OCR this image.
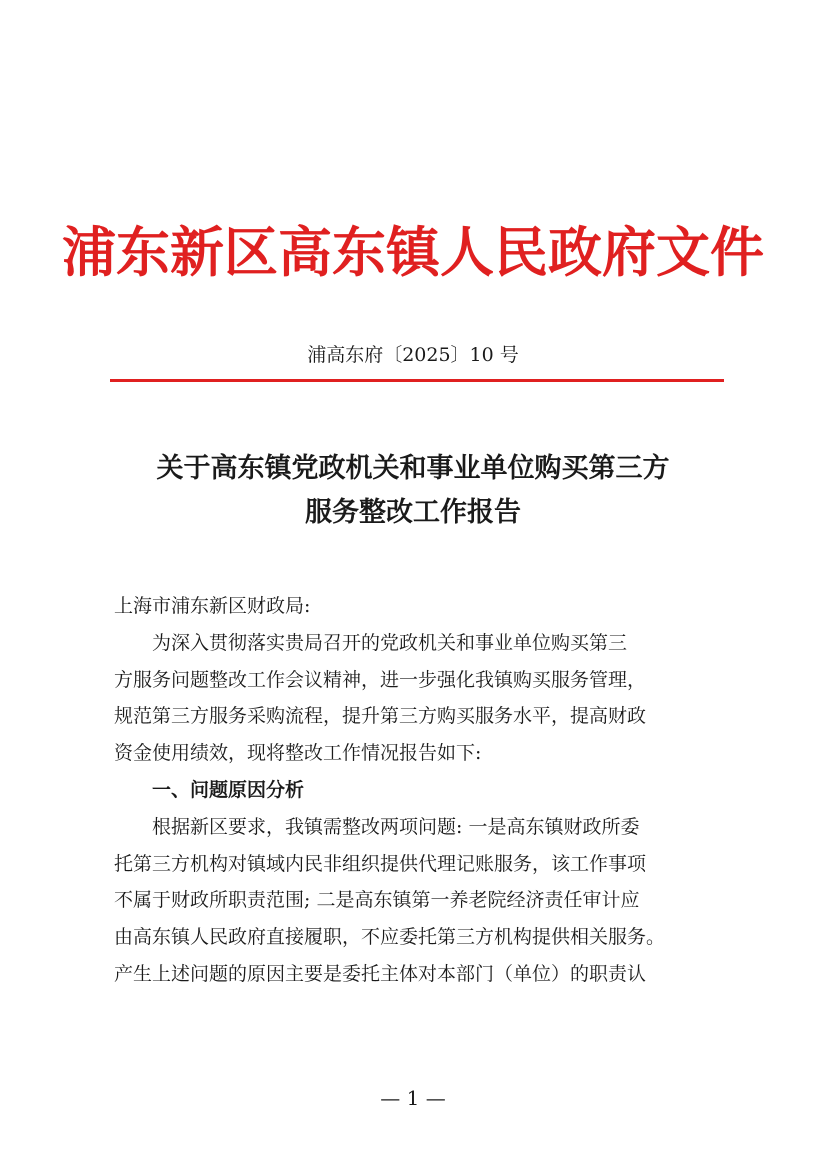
浦东新区高东镇人民政府文件
浦高东府〔2025〕10 号
关于高东镇党政机关和事业单位购买第三方
服务整改工作报告

上海市浦东新区财政局:

为深入贯彻落实贵局召开的党政机关和事业单位购买第三

方服务问题整改工作会议精神，进一步强化我镇购买服务管理，

规范第三方服务采购流程，提升第三方购买服务水平，提高财政

资金使用绩效，现将整改工作情况报告如下:

一、问题原因分析

根据新区要求，我镇需整改两项问题: 一是高东镇财政所委

托第三方机构对镇域内民非组织提供代理记账服务，该工作事项

不属于财政所职责范围; 二是高东镇第一养老院经济责任审计应

由高东镇人民政府直接履职，不应委托第三方机构提供相关服务。

产生上述问题的原因主要是委托主体对本部门（单位）的职责认

— 1 —
